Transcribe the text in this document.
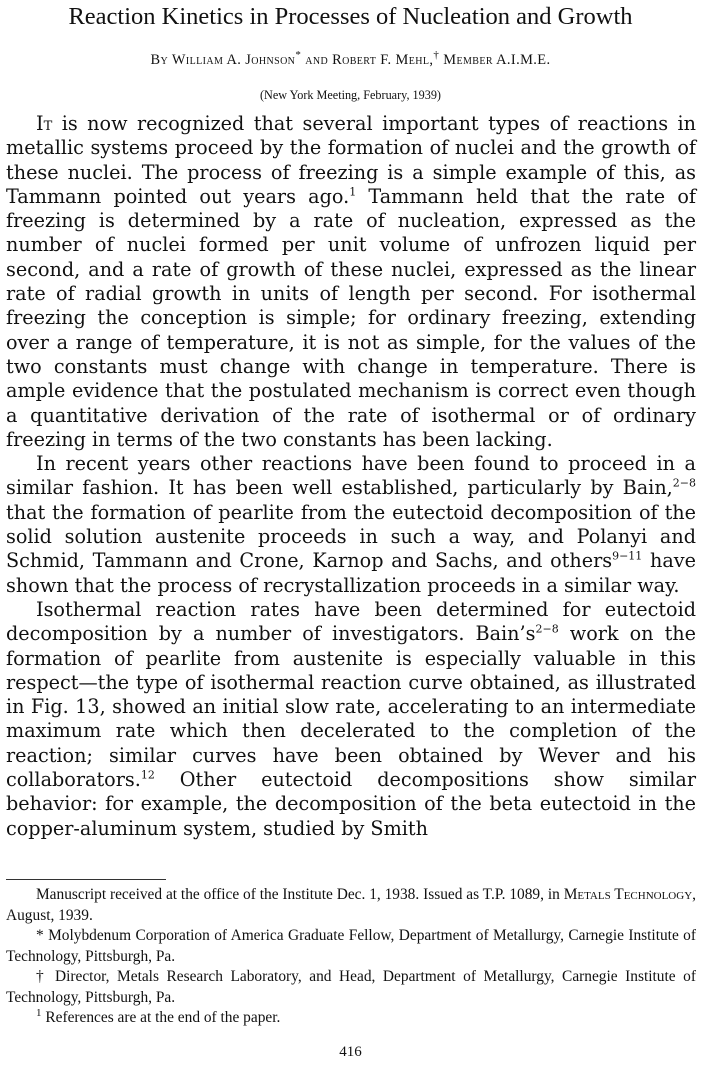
Reaction Kinetics in Processes of Nucleation and Growth
By William A. Johnson* and Robert F. Mehl,† Member A.I.M.E.
(New York Meeting, February, 1939)

It is now recognized that several important types of reactions in metallic systems proceed by the formation of nuclei and the growth of these nuclei. The process of freezing is a simple example of this, as Tammann pointed out years ago.$^1$ Tammann held that the rate of freezing is determined by a rate of nucleation, expressed as the number of nuclei formed per unit volume of unfrozen liquid per second, and a rate of growth of these nuclei, expressed as the linear rate of radial growth in units of length per second. For isothermal freezing the conception is simple; for ordinary freezing, extending over a range of temperature, it is not as simple, for the values of the two constants must change with change in temperature. There is ample evidence that the postulated mechanism is correct even though a quantitative derivation of the rate of isothermal or of ordinary freezing in terms of the two constants has been lacking.

In recent years other reactions have been found to proceed in a similar fashion. It has been well established, particularly by Bain,$^{2-8}$ that the formation of pearlite from the eutectoid decomposition of the solid solution austenite proceeds in such a way, and Polanyi and Schmid, Tammann and Crone, Karnop and Sachs, and others$^{9-11}$ have shown that the process of recrystallization proceeds in a similar way.

Isothermal reaction rates have been determined for eutectoid decomposition by a number of investigators. $Bain’s^{2-8}$ work on the formation of pearlite from austenite is especially valuable in this respect—the type of isothermal reaction curve obtained, as illustrated in Fig. 13, showed an initial slow rate, accelerating to an intermediate maximum rate which then decelerated to the completion of the reaction; similar curves have been obtained by Wever and his collaborators.$^{12}$ Other eutectoid decompositions show similar behavior: for example, the decomposition of the beta eutectoid in the copper-aluminum system, studied by Smith

Manuscript received at the office of the Institute Dec. 1, 1938. Issued as T.P. 1089, in Metals Technology, August, 1939.

* Molybdenum Corporation of America Graduate Fellow, Department of Metallurgy, Carnegie Institute of Technology, Pittsburgh, Pa.

† Director, Metals Research Laboratory, and Head, Department of Metallurgy, Carnegie Institute of Technology, Pittsburgh, Pa.

$^1$ References are at the end of the paper.

416
